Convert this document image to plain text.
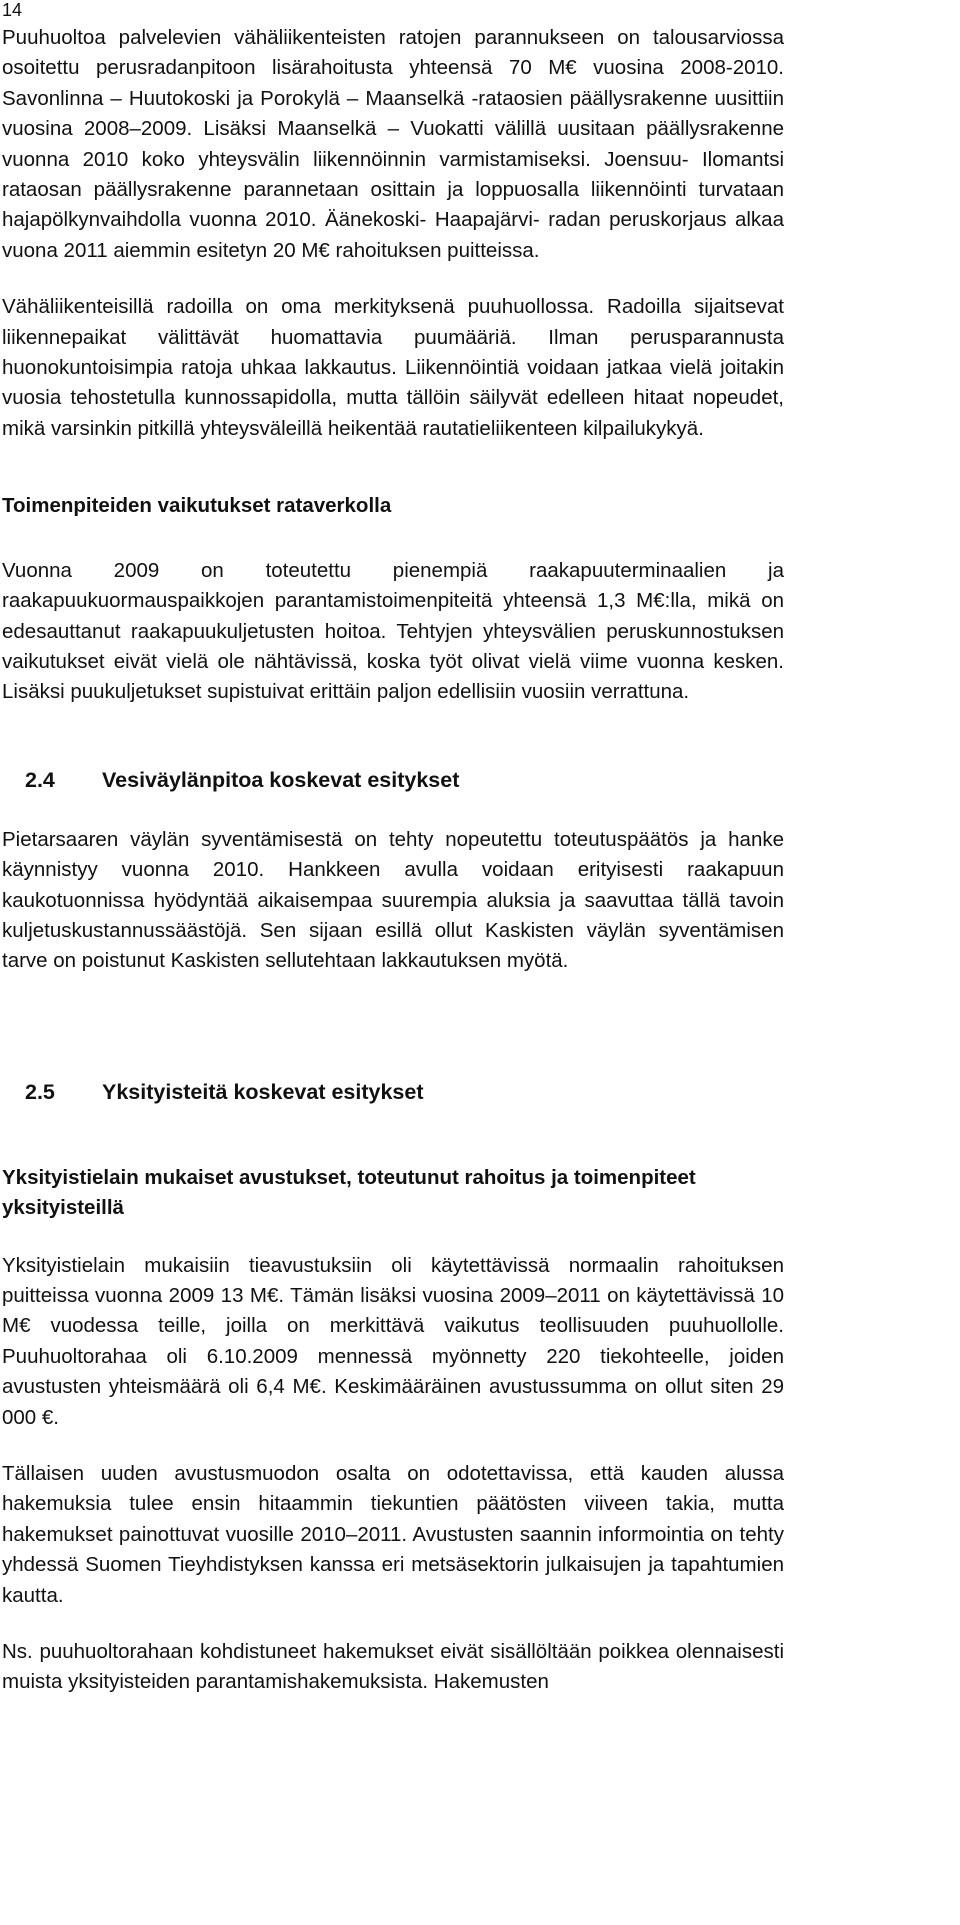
14

Puuhuoltoa palvelevien vähäliikenteisten ratojen parannukseen on talousarviossa osoitettu perusradanpitoon lisärahoitusta yhteensä 70 M€ vuosina 2008-2010. Savonlinna – Huutokoski ja Porokylä – Maanselkä -rataosien päällysrakenne uusittiin vuosina 2008–2009. Lisäksi Maanselkä – Vuokatti välillä uusitaan päällysrakenne vuonna 2010 koko yhteysvälin liikennöinnin varmistamiseksi. Joensuu- Ilomantsi rataosan päällysrakenne parannetaan osittain ja loppuosalla liikennöinti turvataan hajapölkynvaihdolla vuonna 2010. Äänekoski- Haapajärvi- radan peruskorjaus alkaa vuona 2011 aiemmin esitetyn 20 M€ rahoituksen puitteissa.

Vähäliikenteisillä radoilla on oma merkityksenä puuhuollossa. Radoilla sijaitsevat liikennepaikat välittävät huomattavia puumääriä. Ilman perusparannusta huonokuntoisimpia ratoja uhkaa lakkautus. Liikennöintiä voidaan jatkaa vielä joitakin vuosia tehostetulla kunnossapidolla, mutta tällöin säilyvät edelleen hitaat nopeudet, mikä varsinkin pitkillä yhteysväleillä heikentää rautatieliikenteen kilpailukykyä.

Toimenpiteiden vaikutukset rataverkolla

Vuonna 2009 on toteutettu pienempiä raakapuuterminaalien ja raakapuukuormauspaikkojen parantamistoimenpiteitä yhteensä 1,3 M€:lla, mikä on edesauttanut raakapuukuljetusten hoitoa. Tehtyjen yhteysvälien peruskunnostuksen vaikutukset eivät vielä ole nähtävissä, koska työt olivat vielä viime vuonna kesken. Lisäksi puukuljetukset supistuivat erittäin paljon edellisiin vuosiin verrattuna.

2.4	Vesiväylänpitoa koskevat esitykset

Pietarsaaren väylän syventämisestä on tehty nopeutettu toteutuspäätös ja hanke käynnistyy vuonna 2010. Hankkeen avulla voidaan erityisesti raakapuun kaukotuonnissa hyödyntää aikaisempaa suurempia aluksia ja saavuttaa tällä tavoin kuljetuskustannussäästöjä. Sen sijaan esillä ollut Kaskisten väylän syventämisen tarve on poistunut Kaskisten sellutehtaan lakkautuksen myötä.

2.5	Yksityisteitä koskevat esitykset
Yksityistielain mukaiset avustukset, toteutunut rahoitus ja toimenpiteet yksityisteillä

Yksityistielain mukaisiin tieavustuksiin oli käytettävissä normaalin rahoituksen puitteissa vuonna 2009 13 M€. Tämän lisäksi vuosina 2009–2011 on käytettävissä 10 M€ vuodessa teille, joilla on merkittävä vaikutus teollisuuden puuhuollolle. Puuhuoltorahaa oli 6.10.2009 mennessä myönnetty 220 tiekohteelle, joiden avustusten yhteismäärä oli 6,4 M€. Keskimääräinen avustussumma on ollut siten 29 000 €.

Tällaisen uuden avustusmuodon osalta on odotettavissa, että kauden alussa hakemuksia tulee ensin hitaammin tiekuntien päätösten viiveen takia, mutta hakemukset painottuvat vuosille 2010–2011. Avustusten saannin informointia on tehty yhdessä Suomen Tieyhdistyksen kanssa eri metsäsektorin julkaisujen ja tapahtumien kautta.

Ns. puuhuoltorahaan kohdistuneet hakemukset eivät sisällöltään poikkea olennaisesti muista yksityisteiden parantamishakemuksista. Hakemusten
